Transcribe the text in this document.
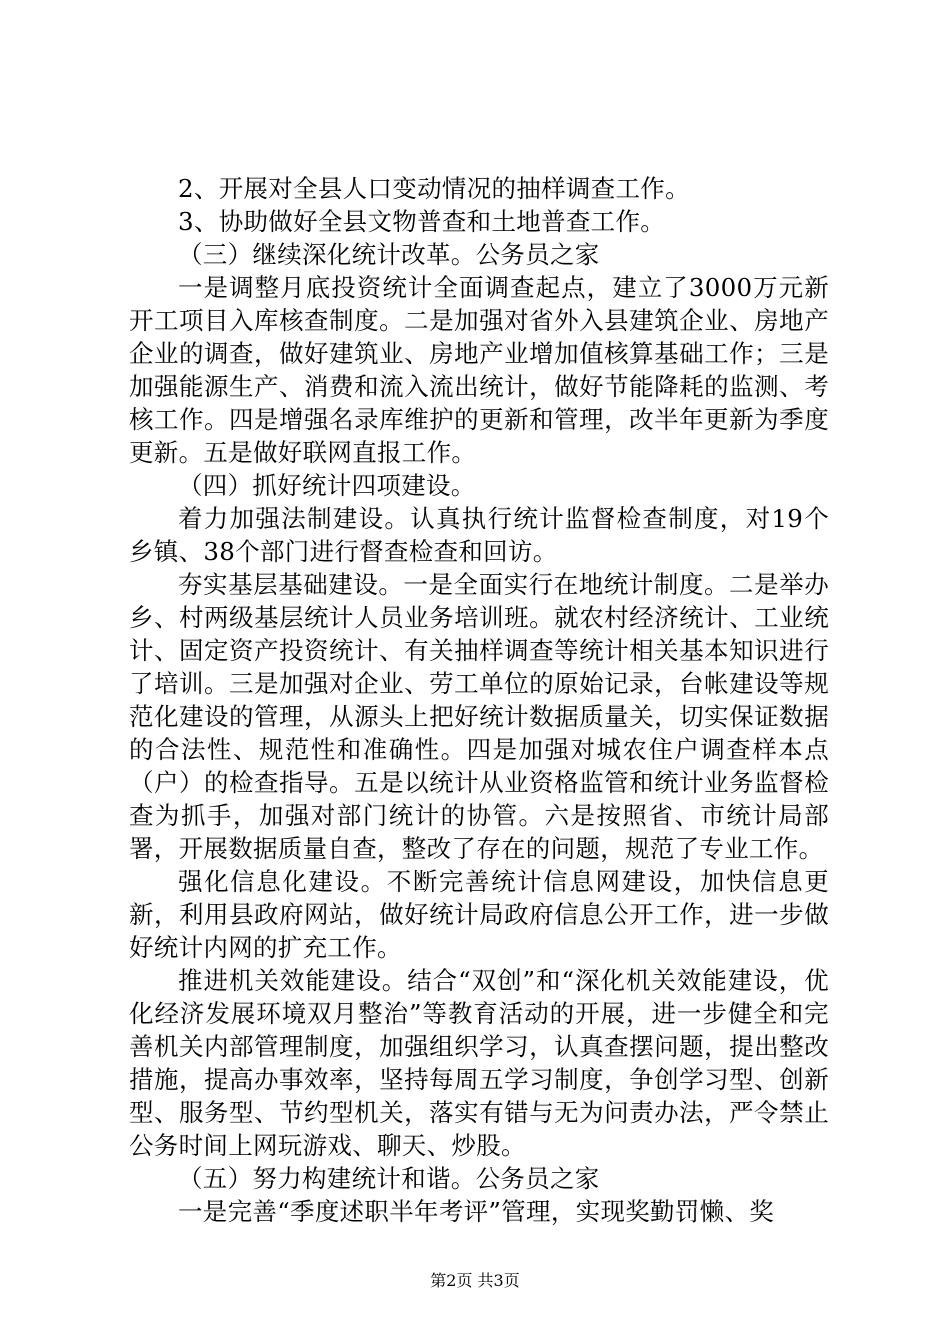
2、开展对全县人口变动情况的抽样调查工作。

3、协助做好全县文物普查和土地普查工作。

（三）继续深化统计改革。公务员之家

一是调整月底投资统计全面调查起点，建立了3000万元新开工项目入库核查制度。二是加强对省外入县建筑企业、房地产企业的调查，做好建筑业、房地产业增加值核算基础工作；三是加强能源生产、消费和流入流出统计，做好节能降耗的监测、考核工作。四是增强名录库维护的更新和管理，改半年更新为季度更新。五是做好联网直报工作。

（四）抓好统计四项建设。

着力加强法制建设。认真执行统计监督检查制度，对19个乡镇、38个部门进行督查检查和回访。

夯实基层基础建设。一是全面实行在地统计制度。二是举办乡、村两级基层统计人员业务培训班。就农村经济统计、工业统计、固定资产投资统计、有关抽样调查等统计相关基本知识进行了培训。三是加强对企业、劳工单位的原始记录，台帐建设等规范化建设的管理，从源头上把好统计数据质量关，切实保证数据的合法性、规范性和准确性。四是加强对城农住户调查样本点（户）的检查指导。五是以统计从业资格监管和统计业务监督检查为抓手，加强对部门统计的协管。六是按照省、市统计局部署，开展数据质量自查，整改了存在的问题，规范了专业工作。

强化信息化建设。不断完善统计信息网建设，加快信息更新，利用县政府网站，做好统计局政府信息公开工作，进一步做好统计内网的扩充工作。

推进机关效能建设。结合“双创”和“深化机关效能建设，优化经济发展环境双月整治”等教育活动的开展，进一步健全和完善机关内部管理制度，加强组织学习，认真查摆问题，提出整改措施，提高办事效率，坚持每周五学习制度，争创学习型、创新型、服务型、节约型机关，落实有错与无为问责办法，严令禁止公务时间上网玩游戏、聊天、炒股。

（五）努力构建统计和谐。公务员之家

一是完善“季度述职半年考评”管理，实现奖勤罚懒、奖

第2页 共3页
